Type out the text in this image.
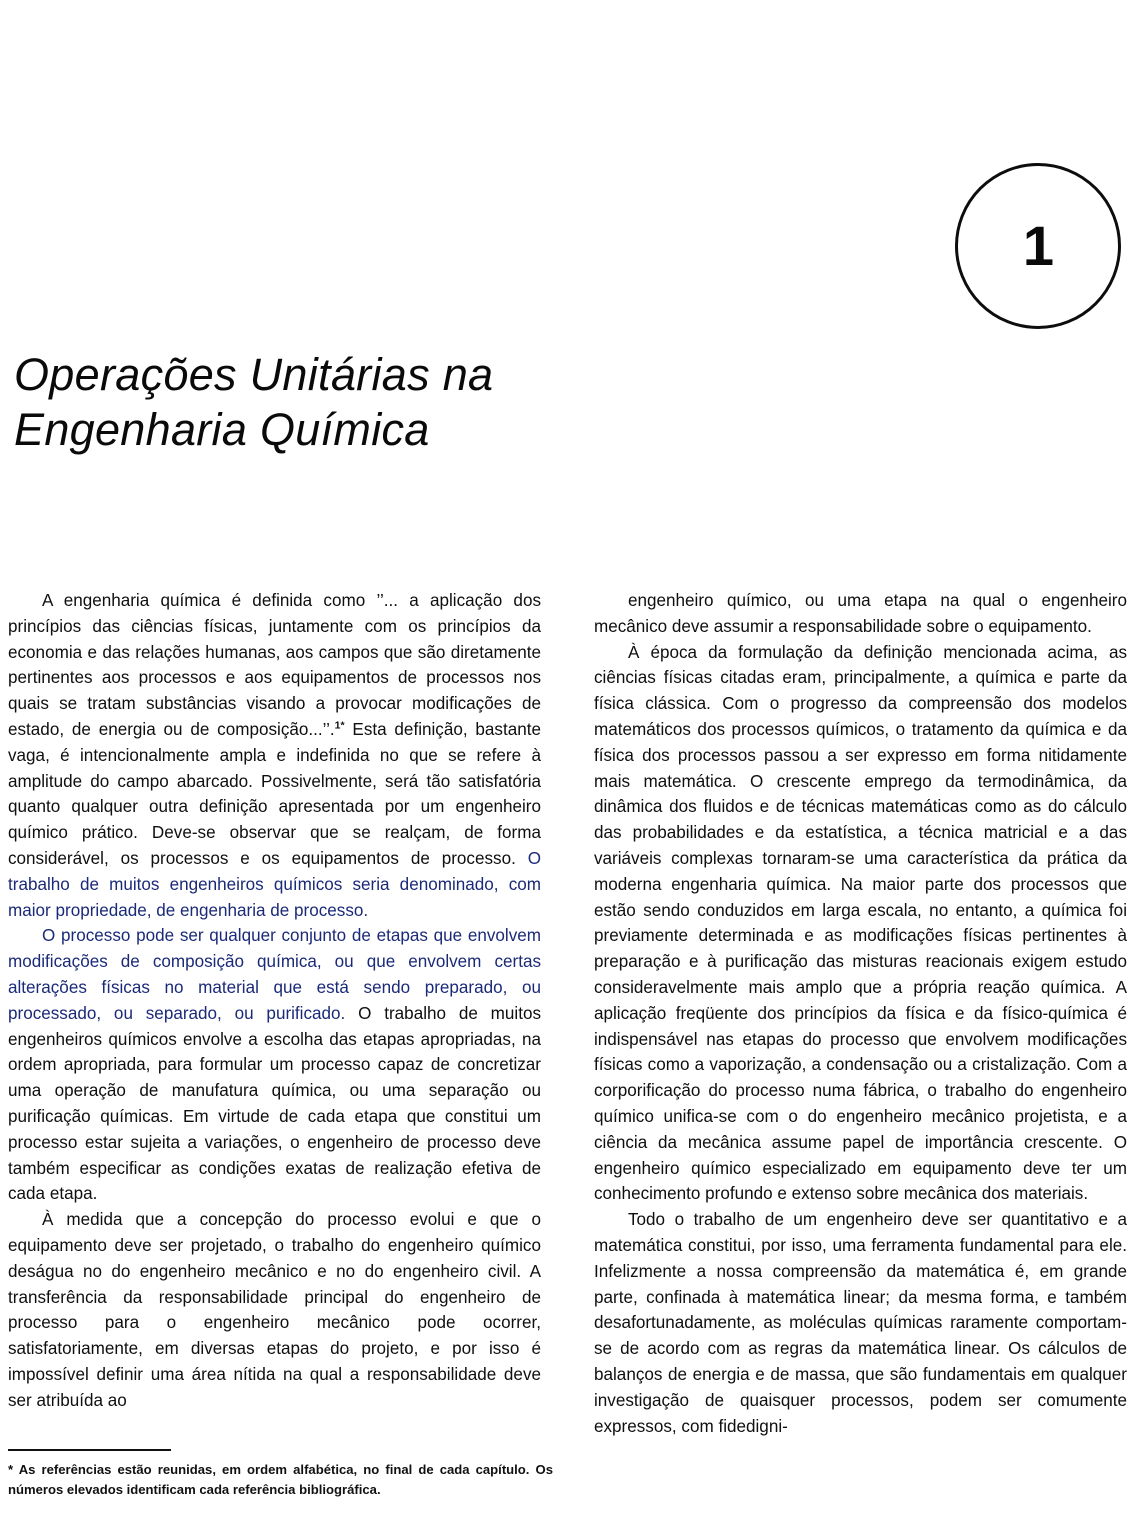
1
Operações Unitárias na
Engenharia Química

A engenharia química é definida como ’’... a aplicação dos princípios das ciências físicas, juntamente com os princípios da economia e das relações humanas, aos campos que são diretamente pertinentes aos processos e aos equipamentos de processos nos quais se tratam substâncias visando a provocar modificações de estado, de energia ou de composição...’’.$^{1*}$ Esta definição, bastante vaga, é intencionalmente ampla e indefinida no que se refere à amplitude do campo abarcado. Possivelmente, será tão satisfatória quanto qualquer outra definição apresentada por um engenheiro químico prático. Deve-se observar que se realçam, de forma considerável, os processos e os equipamentos de processo. O trabalho de muitos engenheiros químicos seria denominado, com maior propriedade, de engenharia de processo.

O processo pode ser qualquer conjunto de etapas que envolvem modificações de composição química, ou que envolvem certas alterações físicas no material que está sendo preparado, ou processado, ou separado, ou purificado. O trabalho de muitos engenheiros químicos envolve a escolha das etapas apropriadas, na ordem apropriada, para formular um processo capaz de concretizar uma operação de manufatura química, ou uma separação ou purificação químicas. Em virtude de cada etapa que constitui um processo estar sujeita a variações, o engenheiro de processo deve também especificar as condições exatas de realização efetiva de cada etapa.

À medida que a concepção do processo evolui e que o equipamento deve ser projetado, o trabalho do engenheiro químico deságua no do engenheiro mecânico e no do engenheiro civil. A transferência da responsabilidade principal do engenheiro de processo para o engenheiro mecânico pode ocorrer, satisfatoriamente, em diversas etapas do projeto, e por isso é impossível definir uma área nítida na qual a responsabilidade deve ser atribuída ao

engenheiro químico, ou uma etapa na qual o engenheiro mecânico deve assumir a responsabilidade sobre o equipamento.

À época da formulação da definição mencionada acima, as ciências físicas citadas eram, principalmente, a química e parte da física clássica. Com o progresso da compreensão dos modelos matemáticos dos processos químicos, o tratamento da química e da física dos processos passou a ser expresso em forma nitidamente mais matemática. O crescente emprego da termodinâmica, da dinâmica dos fluidos e de técnicas matemáticas como as do cálculo das probabilidades e da estatística, a técnica matricial e a das variáveis complexas tornaram-se uma característica da prática da moderna engenharia química. Na maior parte dos processos que estão sendo conduzidos em larga escala, no entanto, a química foi previamente determinada e as modificações físicas pertinentes à preparação e à purificação das misturas reacionais exigem estudo consideravelmente mais amplo que a própria reação química. A aplicação freqüente dos princípios da física e da físico-química é indispensável nas etapas do processo que envolvem modificações físicas como a vaporização, a condensação ou a cristalização. Com a corporificação do processo numa fábrica, o trabalho do engenheiro químico unifica-se com o do engenheiro mecânico projetista, e a ciência da mecânica assume papel de importância crescente. O engenheiro químico especializado em equipamento deve ter um conhecimento profundo e extenso sobre mecânica dos materiais.

Todo o trabalho de um engenheiro deve ser quantitativo e a matemática constitui, por isso, uma ferramenta fundamental para ele. Infelizmente a nossa compreensão da matemática é, em grande parte, confinada à matemática linear; da mesma forma, e também desafortunadamente, as moléculas químicas raramente comportam-se de acordo com as regras da matemática linear. Os cálculos de balanços de energia e de massa, que são fundamentais em qualquer investigação de quaisquer processos, podem ser comumente expressos, com fidedigni-

* As referências estão reunidas, em ordem alfabética, no final de cada capítulo. Os números elevados identificam cada referência bibliográfica.
